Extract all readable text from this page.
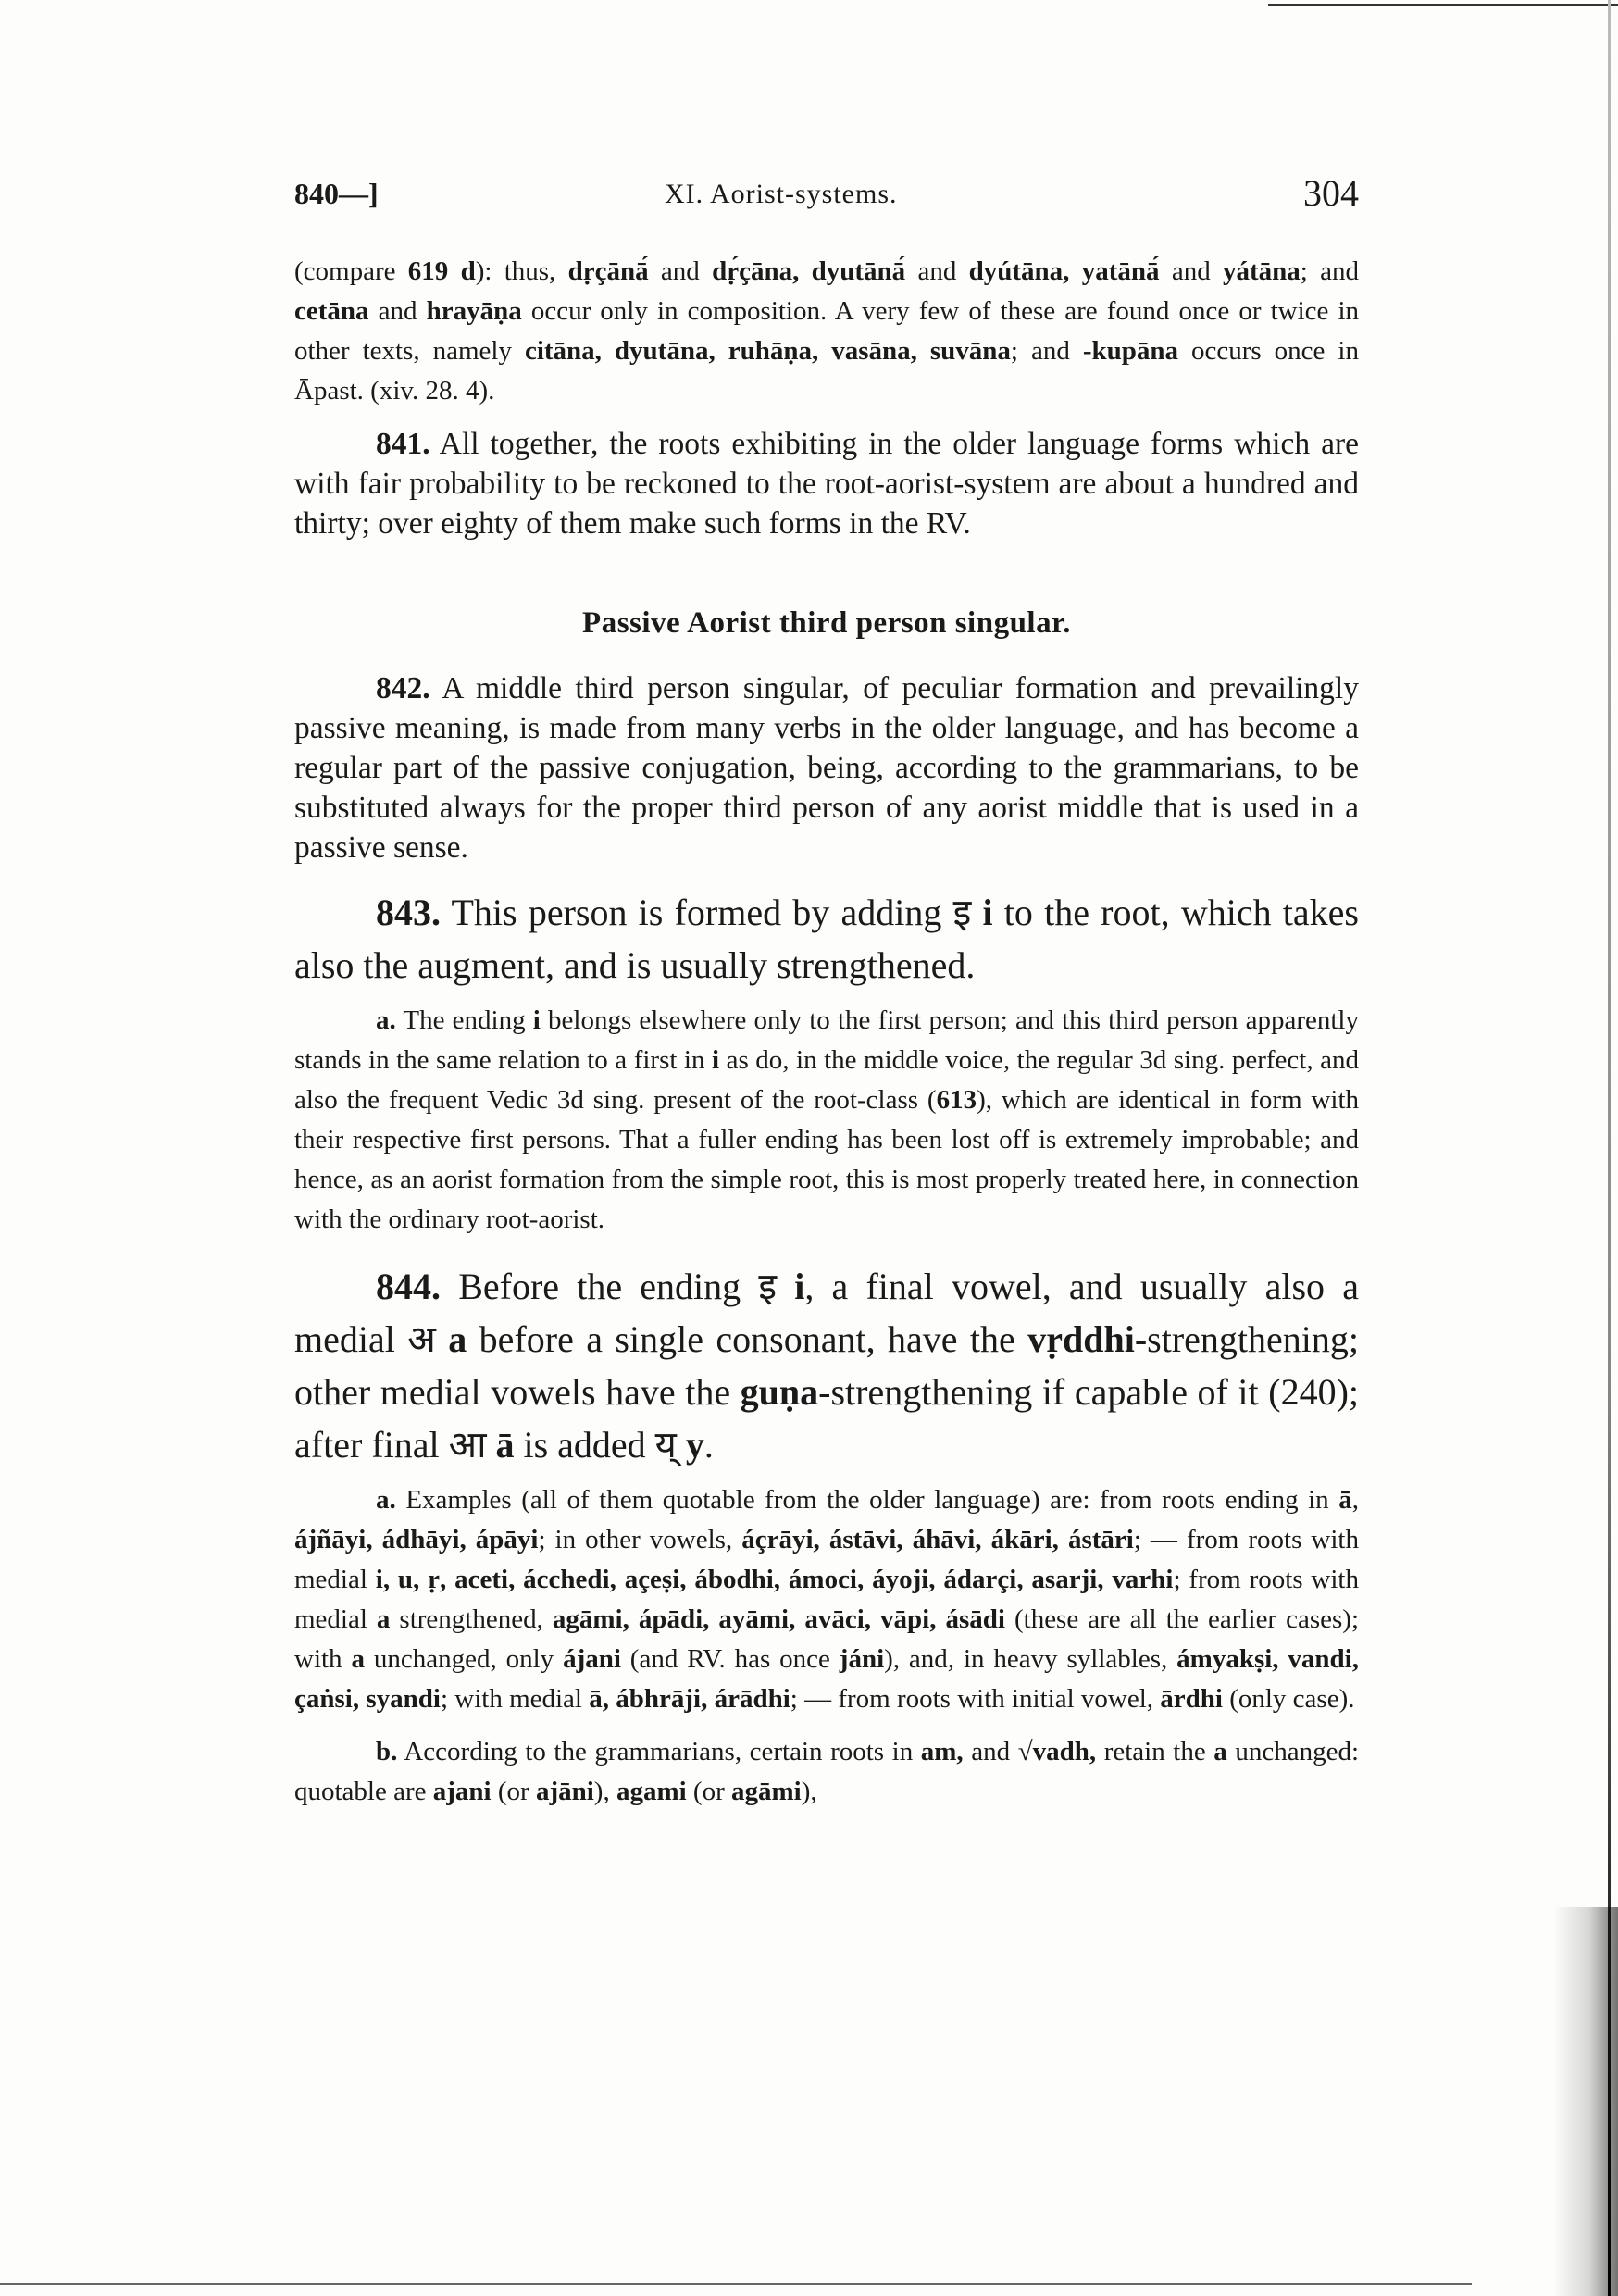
840—]	XI. Aorist-systems.	304

(compare 619 d): thus, dṛçānā́ and dṛ́çāna, dyutānā́ and dyútāna, yatānā́ and yátāna; and cetāna and hrayāṇa occur only in composition. A very few of these are found once or twice in other texts, namely citāna, dyutāna, ruhāṇa, vasāna, suvāna; and -kupāna occurs once in Āpast. (xiv. 28. 4).

841. All together, the roots exhibiting in the older language forms which are with fair probability to be reckoned to the root-aorist-system are about a hundred and thirty; over eighty of them make such forms in the RV.

Passive Aorist third person singular.

842. A middle third person singular, of peculiar formation and prevailingly passive meaning, is made from many verbs in the older language, and has become a regular part of the passive conjugation, being, according to the grammarians, to be substituted always for the proper third person of any aorist middle that is used in a passive sense.

843. This person is formed by adding इ i to the root, which takes also the augment, and is usually strengthened.

a. The ending i belongs elsewhere only to the first person; and this third person apparently stands in the same relation to a first in i as do, in the middle voice, the regular 3d sing. perfect, and also the frequent Vedic 3d sing. present of the root-class (613), which are identical in form with their respective first persons. That a fuller ending has been lost off is extremely improbable; and hence, as an aorist formation from the simple root, this is most properly treated here, in connection with the ordinary root-aorist.

844. Before the ending इ i, a final vowel, and usually also a medial अ a before a single consonant, have the vṛddhi-strengthening; other medial vowels have the guṇa-strengthening if capable of it (240); after final आ ā is added य् y.

a. Examples (all of them quotable from the older language) are: from roots ending in ā, ájñāyi, ádhāyi, ápāyi; in other vowels, áçrāyi, ástāvi, áhāvi, ákāri, ástāri; — from roots with medial i, u, ṛ, aceti, ácchedi, açeṣi, ábodhi, ámoci, áyoji, ádarçi, asarji, varhi; from roots with medial a strengthened, agāmi, ápādi, ayāmi, avāci, vāpi, ásādi (these are all the earlier cases); with a unchanged, only ájani (and RV. has once jáni), and, in heavy syllables, ámyakṣi, vandi, çaṅsi, syandi; with medial ā, ábhrāji, árādhi; — from roots with initial vowel, ārdhi (only case).

b. According to the grammarians, certain roots in am, and √vadh, retain the a unchanged: quotable are ajani (or ajāni), agami (or agāmi),
